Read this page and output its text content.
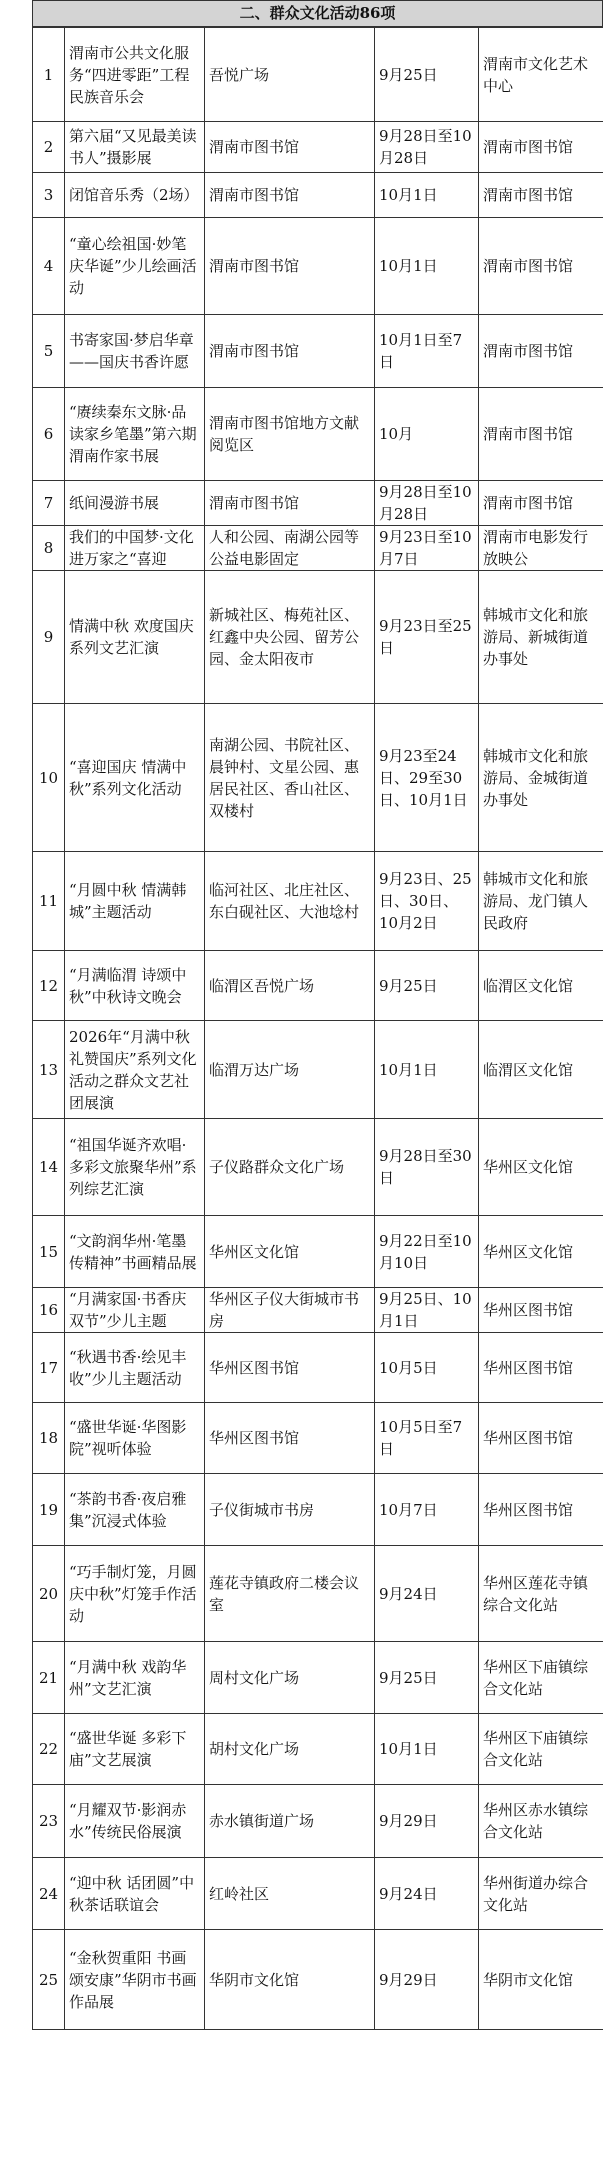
二、群众文化活动86项
1	渭南市公共文化服务“四进零距”工程民族音乐会	吾悦广场	9月25日	渭南市文化艺术中心
2	第六届“又见最美读书人”摄影展	渭南市图书馆	9月28日至10月28日	渭南市图书馆
3	闭馆音乐秀（2场）	渭南市图书馆	10月1日	渭南市图书馆
4	“童心绘祖国·妙笔庆华诞”少儿绘画活动	渭南市图书馆	10月1日	渭南市图书馆
5	书寄家国·梦启华章——国庆书香许愿	渭南市图书馆	10月1日至7日	渭南市图书馆
6	“赓续秦东文脉·品读家乡笔墨”第六期渭南作家书展	渭南市图书馆地方文献阅览区	10月	渭南市图书馆
7	纸间漫游书展	渭南市图书馆	9月28日至10月28日	渭南市图书馆
8	我们的中国梦·文化进万家之“喜迎	人和公园、南湖公园等公益电影固定	9月23日至10月7日	渭南市电影发行放映公
9	情满中秋 欢度国庆系列文艺汇演	新城社区、梅苑社区、红鑫中央公园、留芳公园、金太阳夜市	9月23日至25日	韩城市文化和旅游局、新城街道办事处
10	“喜迎国庆 情满中秋”系列文化活动	南湖公园、书院社区、晨钟村、文星公园、惠居民社区、香山社区、双楼村	9月23至24日、29至30日、10月1日	韩城市文化和旅游局、金城街道办事处
11	“月圆中秋 情满韩城”主题活动	临河社区、北庄社区、东白砚社区、大池埝村	9月23日、25日、30日、10月2日	韩城市文化和旅游局、龙门镇人民政府
12	“月满临渭 诗颂中秋”中秋诗文晚会	临渭区吾悦广场	9月25日	临渭区文化馆
13	2026年“月满中秋礼赞国庆”系列文化活动之群众文艺社团展演	临渭万达广场	10月1日	临渭区文化馆
14	“祖国华诞齐欢唱·多彩文旅聚华州”系列综艺汇演	子仪路群众文化广场	9月28日至30日	华州区文化馆
15	“文韵润华州·笔墨传精神”书画精品展	华州区文化馆	9月22日至10月10日	华州区文化馆
16	“月满家国·书香庆双节”少儿主题	华州区子仪大街城市书房	9月25日、10月1日	华州区图书馆
17	“秋遇书香·绘见丰收”少儿主题活动	华州区图书馆	10月5日	华州区图书馆
18	“盛世华诞·华图影院”视听体验	华州区图书馆	10月5日至7日	华州区图书馆
19	“茶韵书香·夜启雅集”沉浸式体验	子仪街城市书房	10月7日	华州区图书馆
20	“巧手制灯笼，月圆庆中秋”灯笼手作活动	莲花寺镇政府二楼会议室	9月24日	华州区莲花寺镇综合文化站
21	“月满中秋 戏韵华州”文艺汇演	周村文化广场	9月25日	华州区下庙镇综合文化站
22	“盛世华诞 多彩下庙”文艺展演	胡村文化广场	10月1日	华州区下庙镇综合文化站
23	“月耀双节·影润赤水”传统民俗展演	赤水镇街道广场	9月29日	华州区赤水镇综合文化站
24	“迎中秋 话团圆”中秋茶话联谊会	红岭社区	9月24日	华州街道办综合文化站
25	“金秋贺重阳 书画颂安康”华阴市书画作品展	华阴市文化馆	9月29日	华阴市文化馆
